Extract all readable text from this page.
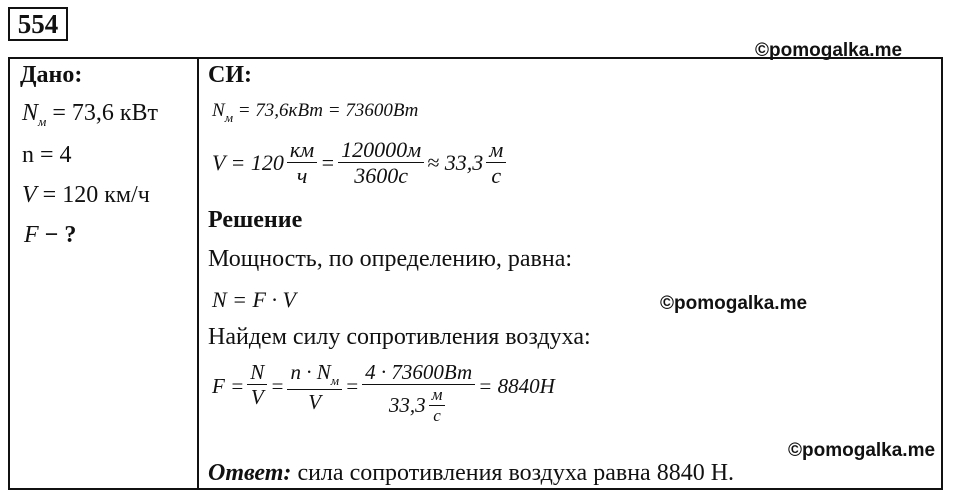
554
©pomogalka.me
Дано:
$N_м = 73,6$ кВт
n = 4
V = 120 км/ч
F − ?
СИ:
$N_м = 73,6кВт = 73600Вт$
$V = 120 \frac{км}{ч} = \frac{120000м}{3600с} \approx 33,3 \frac{м}{с}$
Решение
Мощность, по определению, равна:
N = F · V	©pomogalka.me
Найдем силу сопротивления воздуха:
$F = \frac{N}{V} = \frac{n \cdot N_м}{V} = \frac{4 \cdot 73600Вт}{33,3 \frac{м}{с}} = 8840Н$
©pomogalka.me
Ответ: сила сопротивления воздуха равна 8840 Н.
